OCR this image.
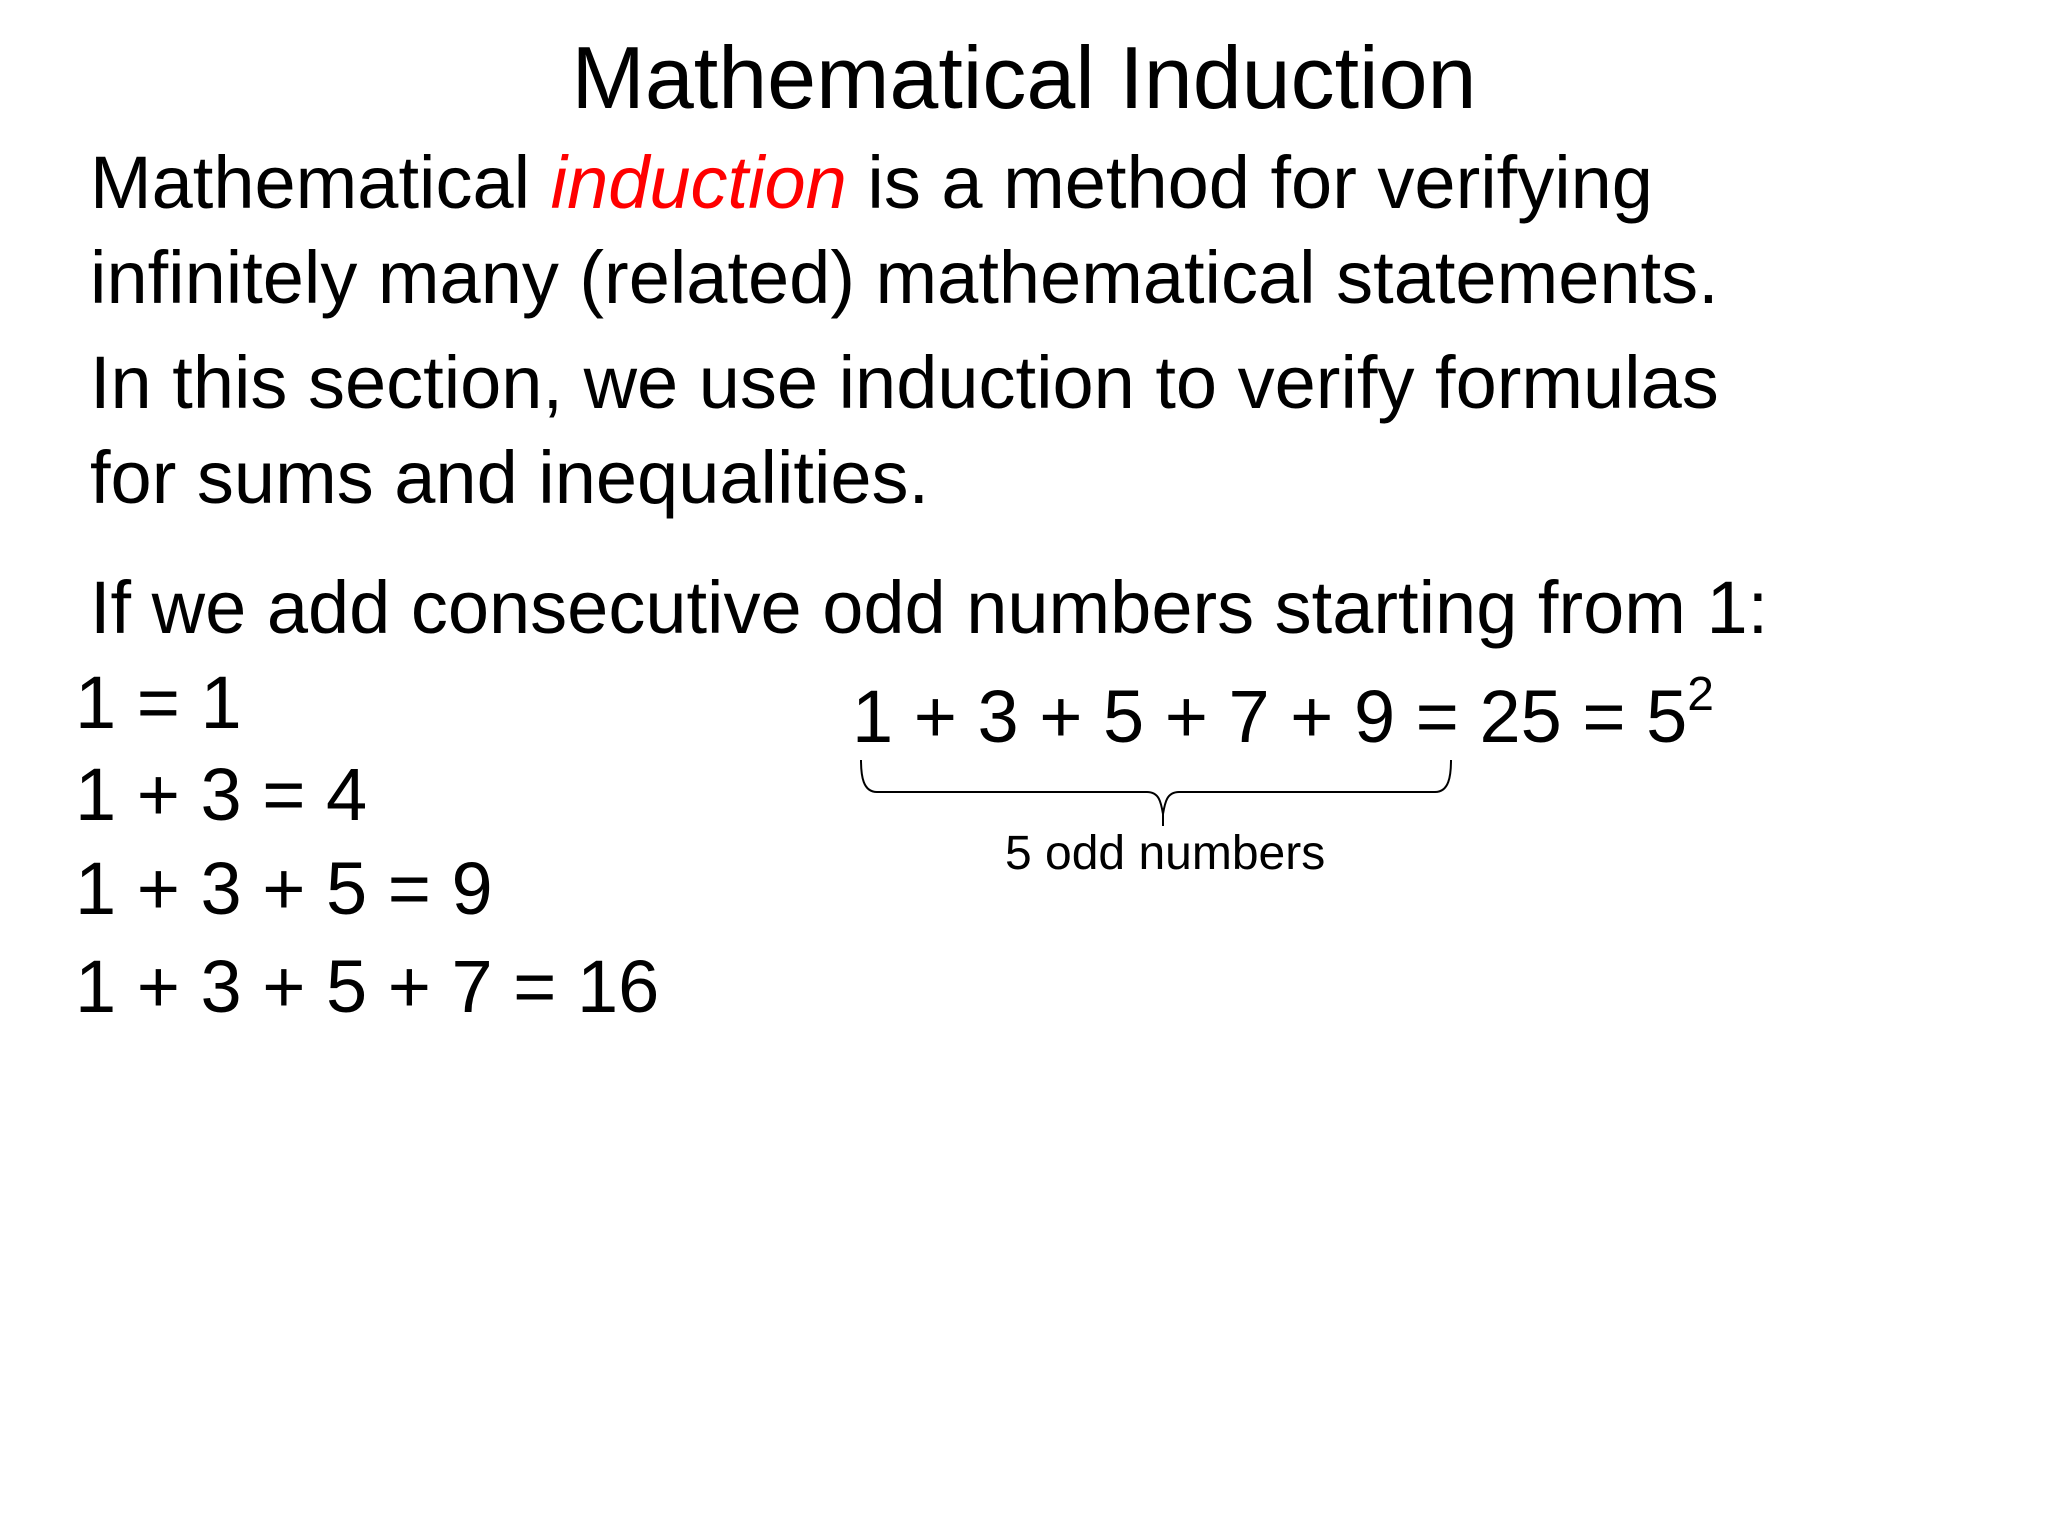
Mathematical Induction
Mathematical induction is a method for verifying
infinitely many (related) mathematical statements.
In this section, we use induction to verify formulas
for sums and inequalities.
If we add consecutive odd numbers starting from 1:
1 = 1
1 + 3 = 4
1 + 3 + 5 = 9
1 + 3 + 5 + 7 = 16
$1 + 3 + 5 + 7 + 9 = 25 = 5^2$
5 odd numbers
